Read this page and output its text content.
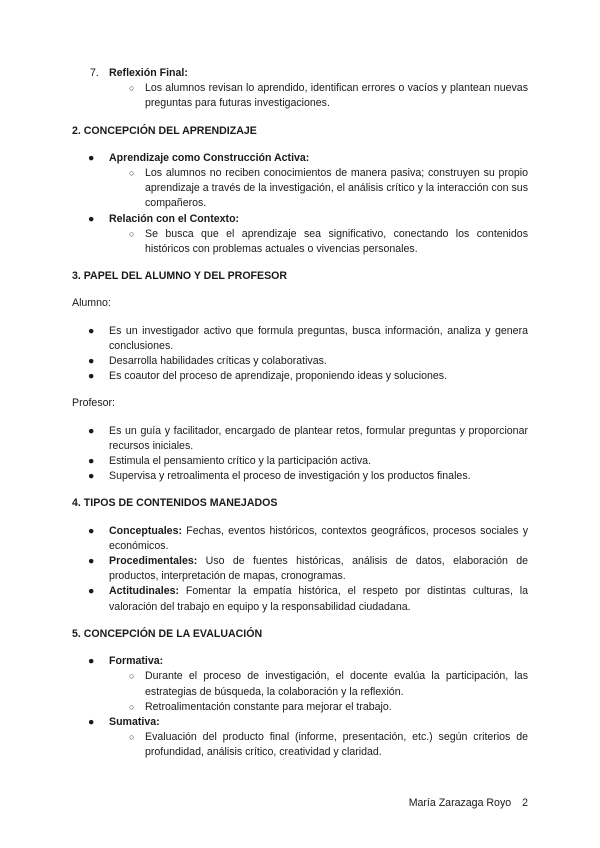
7. Reflexión Final:
○ Los alumnos revisan lo aprendido, identifican errores o vacíos y plantean nuevas preguntas para futuras investigaciones.
2. CONCEPCIÓN DEL APRENDIZAJE
● Aprendizaje como Construcción Activa:
○ Los alumnos no reciben conocimientos de manera pasiva; construyen su propio aprendizaje a través de la investigación, el análisis crítico y la interacción con sus compañeros.
● Relación con el Contexto:
○ Se busca que el aprendizaje sea significativo, conectando los contenidos históricos con problemas actuales o vivencias personales.
3. PAPEL DEL ALUMNO Y DEL PROFESOR
Alumno:
● Es un investigador activo que formula preguntas, busca información, analiza y genera conclusiones.
● Desarrolla habilidades críticas y colaborativas.
● Es coautor del proceso de aprendizaje, proponiendo ideas y soluciones.
Profesor:
● Es un guía y facilitador, encargado de plantear retos, formular preguntas y proporcionar recursos iniciales.
● Estimula el pensamiento crítico y la participación activa.
● Supervisa y retroalimenta el proceso de investigación y los productos finales.
4. TIPOS DE CONTENIDOS MANEJADOS
● Conceptuales: Fechas, eventos históricos, contextos geográficos, procesos sociales y económicos.
● Procedimentales: Uso de fuentes históricas, análisis de datos, elaboración de productos, interpretación de mapas, cronogramas.
● Actitudinales: Fomentar la empatía histórica, el respeto por distintas culturas, la valoración del trabajo en equipo y la responsabilidad ciudadana.
5. CONCEPCIÓN DE LA EVALUACIÓN
● Formativa:
○ Durante el proceso de investigación, el docente evalúa la participación, las estrategias de búsqueda, la colaboración y la reflexión.
○ Retroalimentación constante para mejorar el trabajo.
● Sumativa:
○ Evaluación del producto final (informe, presentación, etc.) según criterios de profundidad, análisis crítico, creatividad y claridad.
María Zarazaga Royo 2
